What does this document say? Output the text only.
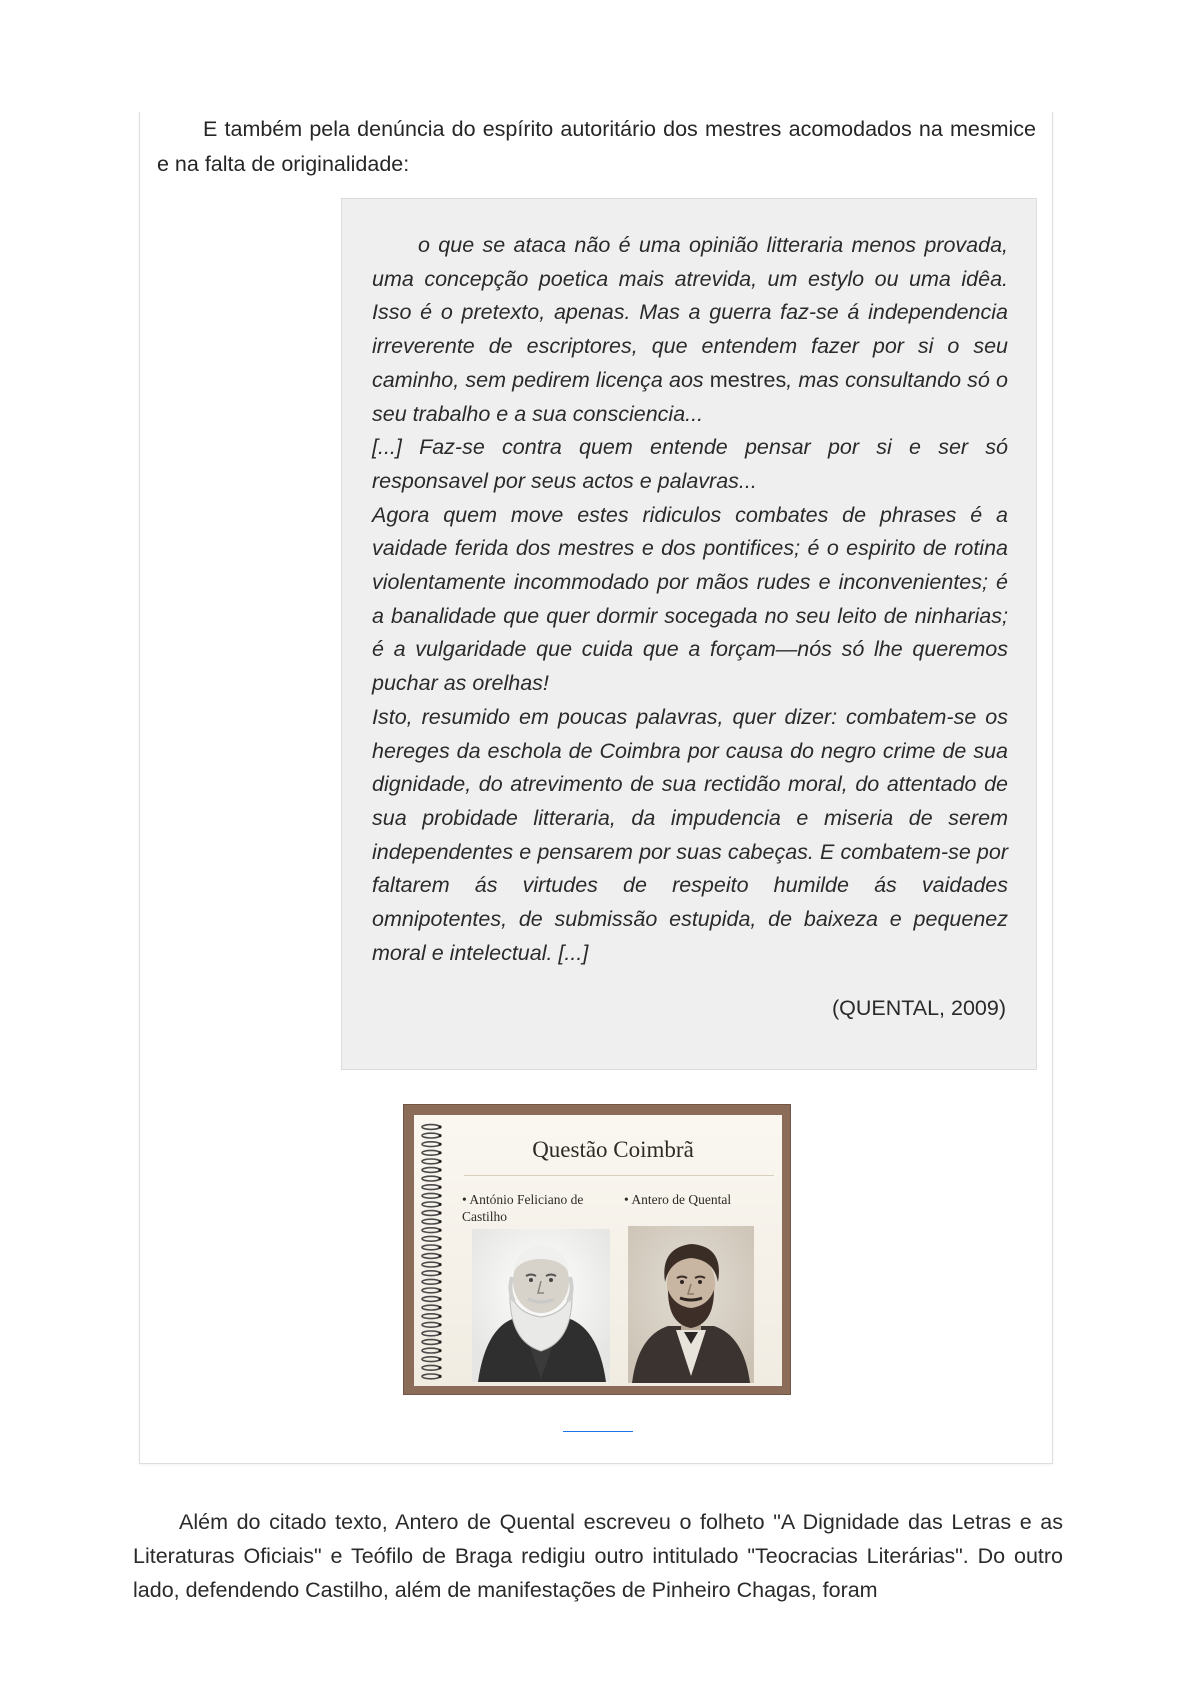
E também pela denúncia do espírito autoritário dos mestres acomodados na mesmice e na falta de originalidade:

o que se ataca não é uma opinião litteraria menos provada, uma concepção poetica mais atrevida, um estylo ou uma idêa. Isso é o pretexto, apenas. Mas a guerra faz-se á independencia irreverente de escriptores, que entendem fazer por si o seu caminho, sem pedirem licença aos mestres, mas consultando só o seu trabalho e a sua consciencia...

[...] Faz-se contra quem entende pensar por si e ser só responsavel por seus actos e palavras...

Agora quem move estes ridiculos combates de phrases é a vaidade ferida dos mestres e dos pontifices; é o espirito de rotina violentamente incommodado por mãos rudes e inconvenientes; é a banalidade que quer dormir socegada no seu leito de ninharias; é a vulgaridade que cuida que a forçam—nós só lhe queremos puchar as orelhas!

Isto, resumido em poucas palavras, quer dizer: combatem-se os hereges da eschola de Coimbra por causa do negro crime de sua dignidade, do atrevimento de sua rectidão moral, do attentado de sua probidade litteraria, da impudencia e miseria de serem independentes e pensarem por suas cabeças. E combatem-se por faltarem ás virtudes de respeito humilde ás vaidades omnipotentes, de submissão estupida, de baixeza e pequenez moral e intelectual. [...]

(QUENTAL, 2009)
Questão Coimbrã
• António Feliciano de Castilho
• Antero de Quental

Além do citado texto, Antero de Quental escreveu o folheto "A Dignidade das Letras e as Literaturas Oficiais" e Teófilo de Braga redigiu outro intitulado "Teocracias Literárias". Do outro lado, defendendo Castilho, além de manifestações de Pinheiro Chagas, foram
